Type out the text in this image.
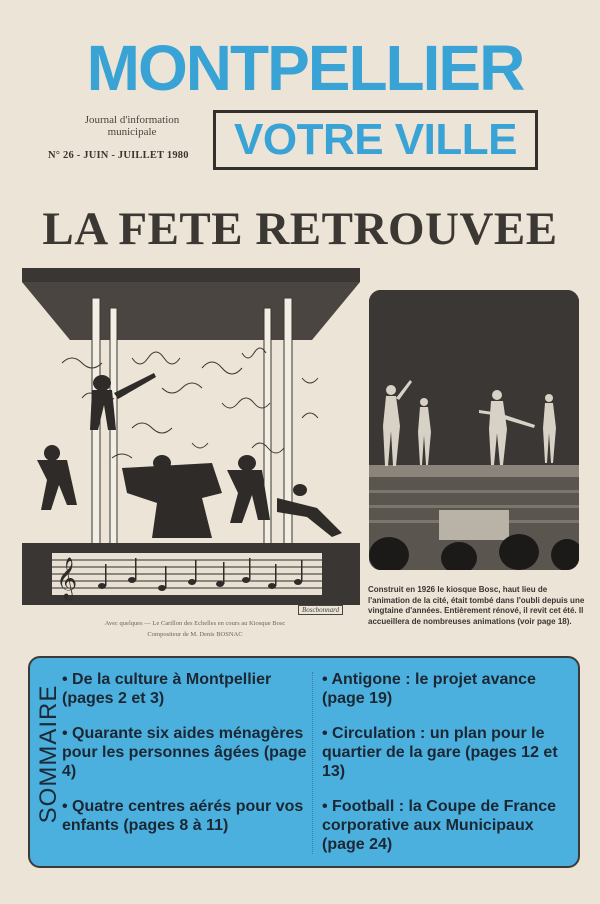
MONTPELLIER
Journal d'information
municipale
N° 26 - JUIN - JUILLET 1980 VOTRE VILLE
LA FETE RETROUVEE
𝄞
Boscbonnard
Avec quelques — Le Carillon des Echelles en cours au Kiosque Bosc
Compositeur de M. Denis BOSNAC
Construit en 1926 le kiosque Bosc, haut lieu de l'animation de la cité, était tombé dans l'oubli depuis une vingtaine d'années. Entièrement rénové, il revit cet été. Il accueillera de nombreuses animations (voir page 18).
SOMMAIRE
• De la culture à Montpellier (pages 2 et 3)
• Quarante six aides ménagères pour les personnes âgées (page 4)
• Quatre centres aérés pour vos enfants (pages 8 à 11)
• Antigone : le projet avance (page 19)
• Circulation : un plan pour le quartier de la gare (pages 12 et 13)
• Football : la Coupe de France corporative aux Municipaux (page 24)
